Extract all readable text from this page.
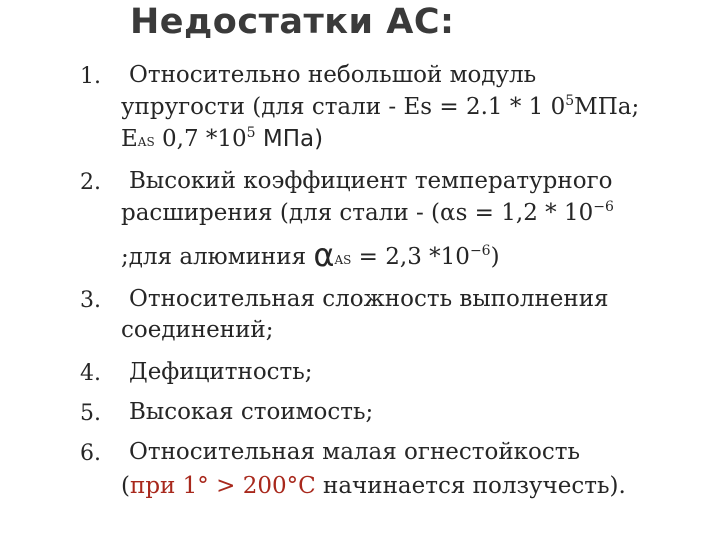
Недостатки АС:
1. Относительно небольшой модуль
упругости (для стали - Es = 2.1 * 1 $0^5МПа$;
EAS 0,7 $*10^5$ МПа)
2. Высокий коэффициент температурного
расширения (для стали - ($\alpha s = 1,2 * 10^{-6}$
;для алюминия αAS = 2,3 $*10^{-6}$)
3. Относительная сложность выполнения
соединений;
4. Дефицитность;
5. Высокая стоимость;
6. Относительная малая огнестойкость
(при 1° > 200°С начинается ползучесть).
